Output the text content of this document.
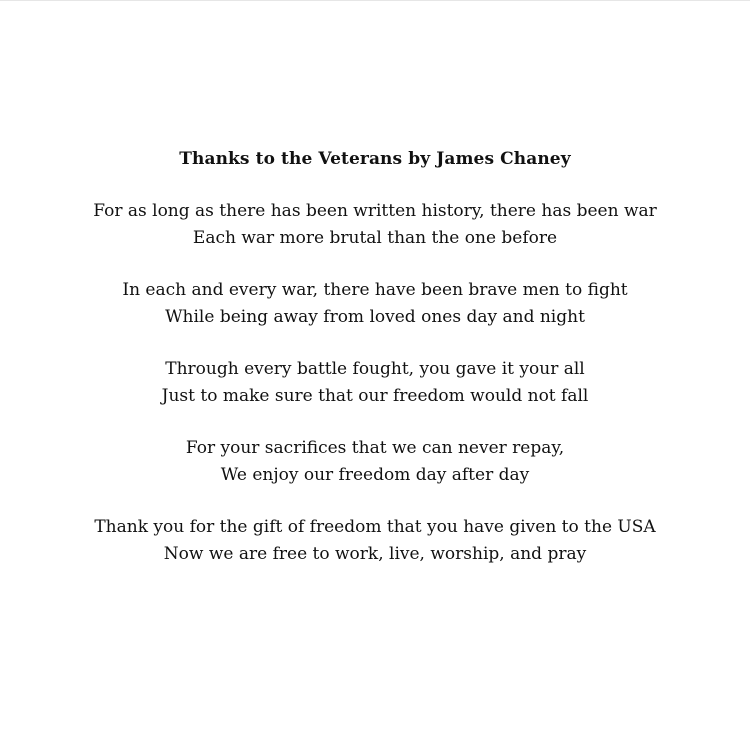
Thanks to the Veterans by James Chaney

For as long as there has been written history, there has been war
Each war more brutal than the one before
In each and every war, there have been brave men to fight
While being away from loved ones day and night
Through every battle fought, you gave it your all
Just to make sure that our freedom would not fall
For your sacrifices that we can never repay,
We enjoy our freedom day after day
Thank you for the gift of freedom that you have given to the USA
Now we are free to work, live, worship, and pray
